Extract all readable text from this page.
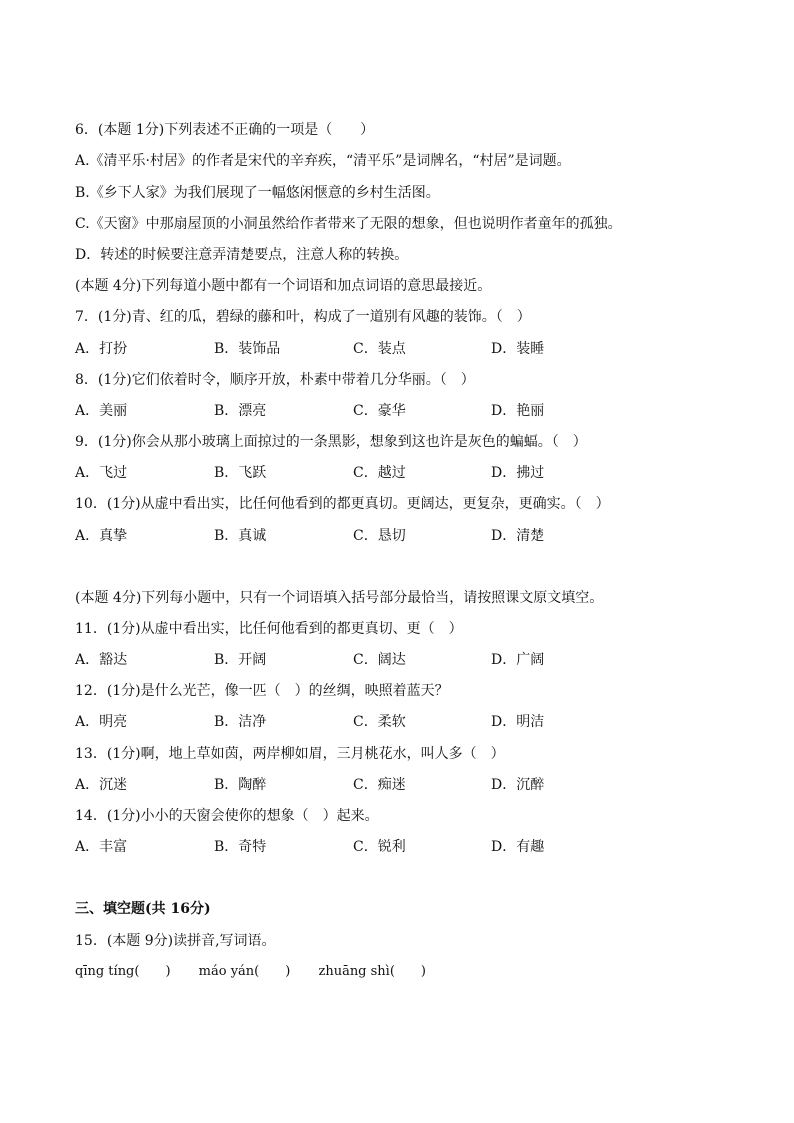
6．(本题 1分)下列表述不正确的一项是（　　）
A.《清平乐·村居》的作者是宋代的辛弃疾，“清平乐”是词牌名，“村居”是词题。
B.《乡下人家》为我们展现了一幅悠闲惬意的乡村生活图。
C.《天窗》中那扇屋顶的小洞虽然给作者带来了无限的想象，但也说明作者童年的孤独。
D．转述的时候要注意弄清楚要点，注意人称的转换。
(本题 4分)下列每道小题中都有一个词语和加点词语的意思最接近。
7．(1分)青、红的瓜，碧绿的藤和叶，构成了一道别有风趣的装饰。（　）
A．打扮	B．装饰品	C．装点	D．装睡
8．(1分)它们依着时令，顺序开放，朴素中带着几分华丽。（　）
A．美丽	B．漂亮	C．豪华	D．艳丽
9．(1分)你会从那小玻璃上面掠过的一条黑影，想象到这也许是灰色的蝙蝠。（　）
A．飞过	B．飞跃	C．越过	D．拂过
10．(1分)从虚中看出实，比任何他看到的都更真切。更阔达，更复杂，更确实。（　）
A．真挚	B．真诚	C．恳切	D．清楚
(本题 4分)下列每小题中，只有一个词语填入括号部分最恰当，请按照课文原文填空。
11．(1分)从虚中看出实，比任何他看到的都更真切、更（　）
A．豁达	B．开阔	C．阔达	D．广阔
12．(1分)是什么光芒，像一匹（　）的丝绸，映照着蓝天？
A．明亮	B．洁净	C．柔软	D．明洁
13．(1分)啊，地上草如茵，两岸柳如眉，三月桃花水，叫人多（　）
A．沉迷	B．陶醉	C．痴迷	D．沉醉
14．(1分)小小的天窗会使你的想象（　）起来。
A．丰富	B．奇特	C．锐利	D．有趣
三、填空题(共 16分)
15．(本题 9分)读拼音,写词语。
qīng tíng(　　) máo yán(　　) zhuāng shì(　　)
